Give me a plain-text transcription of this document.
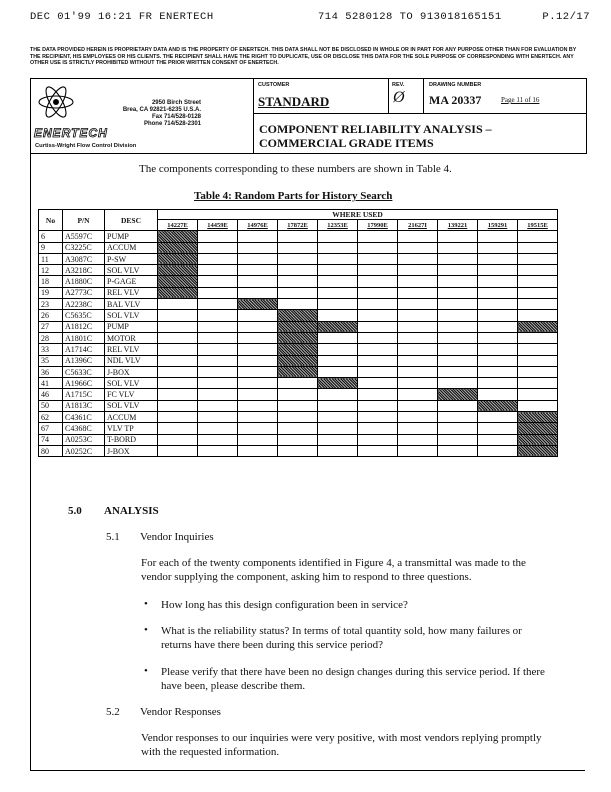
DEC 01'99 16:21 FR ENERTECH	714 5280128 TO 913018165151	P.12/17
THE DATA PROVIDED HEREIN IS PROPRIETARY DATA AND IS THE PROPERTY OF ENERTECH. THIS DATA SHALL NOT BE DISCLOSED IN WHOLE OR IN PART FOR ANY PURPOSE OTHER THAN FOR EVALUATION BY THE RECIPIENT, HIS EMPLOYEES OR HIS CLIENTS. THE RECIPIENT SHALL HAVE THE RIGHT TO DUPLICATE, USE OR DISCLOSE THIS DATA FOR THE SOLE PURPOSE OF CORRESPONDING WITH ENERTECH. ANY OTHER USE IS STRICTLY PROHIBITED WITHOUT THE PRIOR WRITTEN CONSENT OF ENERTECH.
ENERTECH
2950 Birch Street
Brea, CA 92821-6235 U.S.A.
Fax 714/528-0128
Phone 714/528-2301
Curtiss-Wright Flow Control Division
CUSTOMER
STANDARD
REV.
Ø
DRAWING NUMBER
MA 20337	Page 11 of 16
COMPONENT RELIABILITY ANALYSIS –
COMMERCIAL GRADE ITEMS
The components corresponding to these numbers are shown in Table 4.
Table 4: Random Parts for History Search
No	P/N	DESC	WHERE USED									
			14227E	14459E	14976E	17872E	12353E	17990E	21627I	139221	159291	19515E
6	A5597C	PUMP										
9	C3225C	ACCUM										
11	A3087C	P-SW										
12	A3218C	SOL VLV										
18	A1880C	P-GAGE										
19	A2773C	REL VLV										
23	A2238C	BAL VLV										
26	C5635C	SOL VLV										
27	A1812C	PUMP										
28	A1801C	MOTOR										
33	A1714C	REL VLV										
35	A1396C	NDL VLV										
36	C5633C	J-BOX										
41	A1966C	SOL VLV										
46	A1715C	FC VLV										
50	A1813C	SOL VLV										
62	C4361C	ACCUM										
67	C4368C	VLV TP										
74	A0253C	T-BORD										
80	A0252C	J-BOX										
5.0 ANALYSIS
5.1 Vendor Inquiries
For each of the twenty components identified in Figure 4, a transmittal was made to the vendor supplying the component, asking him to respond to three questions.
• How long has this design configuration been in service?
• What is the reliability status? In terms of total quantity sold, how many failures or returns have there been during this service period?
• Please verify that there have been no design changes during this service period. If there have been, please describe them.
5.2 Vendor Responses
Vendor responses to our inquiries were very positive, with most vendors replying promptly with the requested information.
